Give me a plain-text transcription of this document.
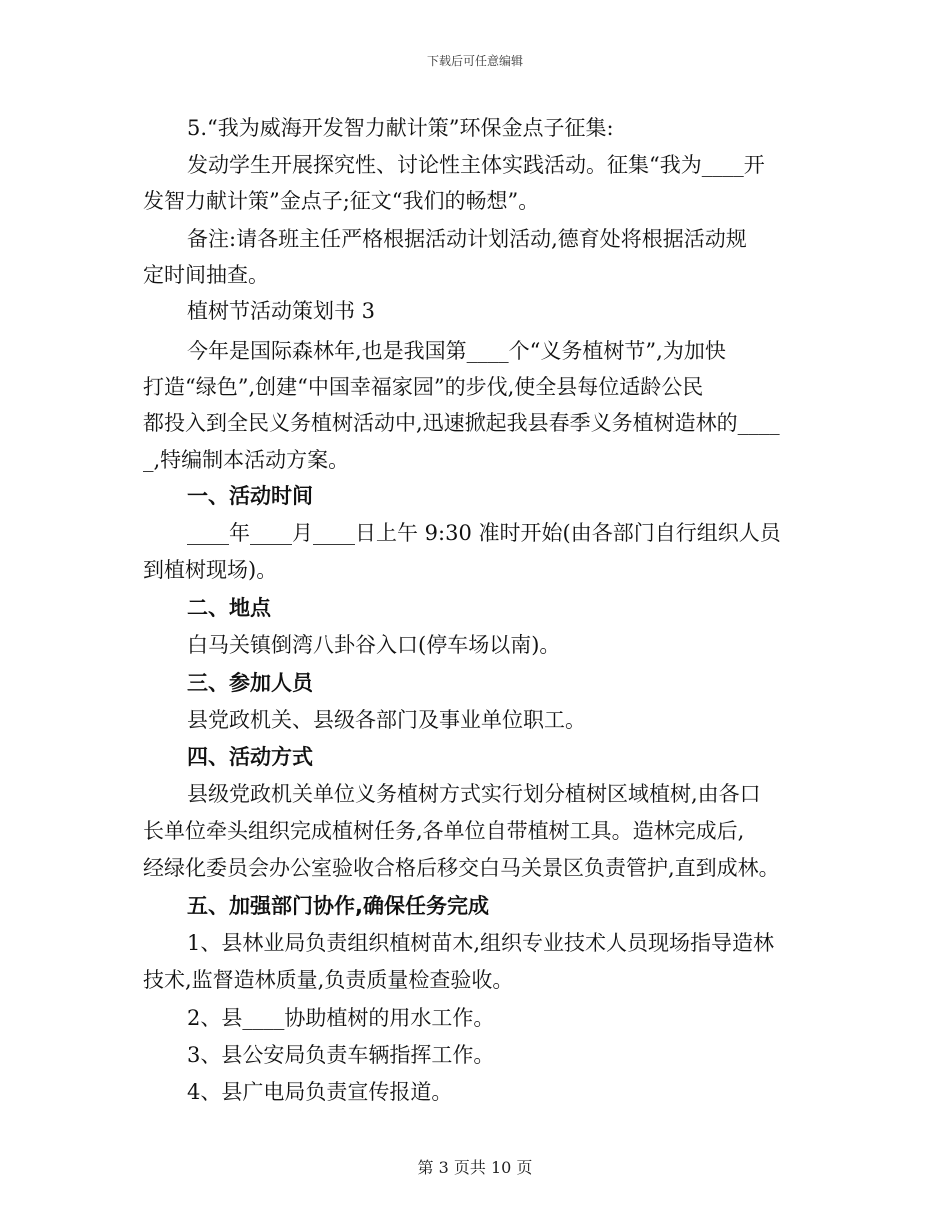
下载后可任意编辑
5.“我为威海开发智力献计策”环保金点子征集:
发动学生开展探究性、讨论性主体实践活动。征集“我为____开
发智力献计策”金点子;征文“我们的畅想”。
备注:请各班主任严格根据活动计划活动,德育处将根据活动规
定时间抽查。
植树节活动策划书 3
今年是国际森林年,也是我国第____个“义务植树节”,为加快
打造“绿色”,创建“中国幸福家园”的步伐,使全县每位适龄公民
都投入到全民义务植树活动中,迅速掀起我县春季义务植树造林的____
_,特编制本活动方案。
一、活动时间
____年____月____日上午 9:30 准时开始(由各部门自行组织人员
到植树现场)。
二、地点
白马关镇倒湾八卦谷入口(停车场以南)。
三、参加人员
县党政机关、县级各部门及事业单位职工。
四、活动方式
县级党政机关单位义务植树方式实行划分植树区域植树,由各口
长单位牵头组织完成植树任务,各单位自带植树工具。造林完成后,
经绿化委员会办公室验收合格后移交白马关景区负责管护,直到成林。
五、加强部门协作,确保任务完成
1、县林业局负责组织植树苗木,组织专业技术人员现场指导造林
技术,监督造林质量,负责质量检查验收。
2、县____协助植树的用水工作。
3、县公安局负责车辆指挥工作。
4、县广电局负责宣传报道。
第 3 页共 10 页
